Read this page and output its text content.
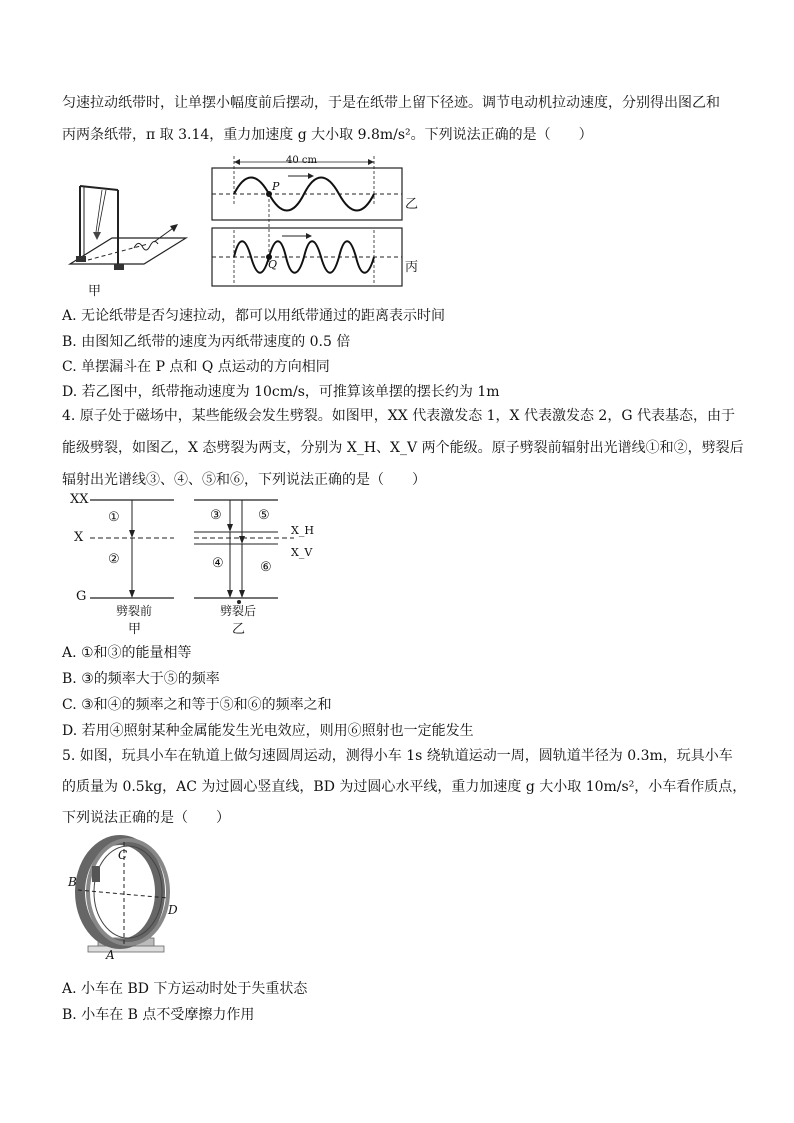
匀速拉动纸带时，让单摆小幅度前后摆动，于是在纸带上留下径迹。调节电动机拉动速度，分别得出图乙和
丙两条纸带，π 取 3.14，重力加速度 g 大小取 9.8m/s²。下列说法正确的是（　　）
甲
40 cm
P
Q
乙
丙
A. 无论纸带是否匀速拉动，都可以用纸带通过的距离表示时间
B. 由图知乙纸带的速度为丙纸带速度的 0.5 倍
C. 单摆漏斗在 P 点和 Q 点运动的方向相同
D. 若乙图中，纸带拖动速度为 10cm/s，可推算该单摆的摆长约为 1m
4. 原子处于磁场中，某些能级会发生劈裂。如图甲，XX 代表激发态 1，X 代表激发态 2，G 代表基态，由于
能级劈裂，如图乙，X 态劈裂为两支，分别为 X_H、X_V 两个能级。原子劈裂前辐射出光谱线①和②，劈裂后
辐射出光谱线③、④、⑤和⑥，下列说法正确的是（　　）
XX
X
G
X_H
X_V
①
②
③
④
⑤
⑥
劈裂前	劈裂后
甲	乙
A. ①和③的能量相等
B. ③的频率大于⑤的频率
C. ③和④的频率之和等于⑤和⑥的频率之和
D. 若用④照射某种金属能发生光电效应，则用⑥照射也一定能发生
5. 如图，玩具小车在轨道上做匀速圆周运动，测得小车 1s 绕轨道运动一周，圆轨道半径为 0.3m，玩具小车
的质量为 0.5kg，AC 为过圆心竖直线，BD 为过圆心水平线，重力加速度 g 大小取 10m/s²，小车看作质点，
下列说法正确的是（　　）
B
C
D
A
A. 小车在 BD 下方运动时处于失重状态
B. 小车在 B 点不受摩擦力作用
